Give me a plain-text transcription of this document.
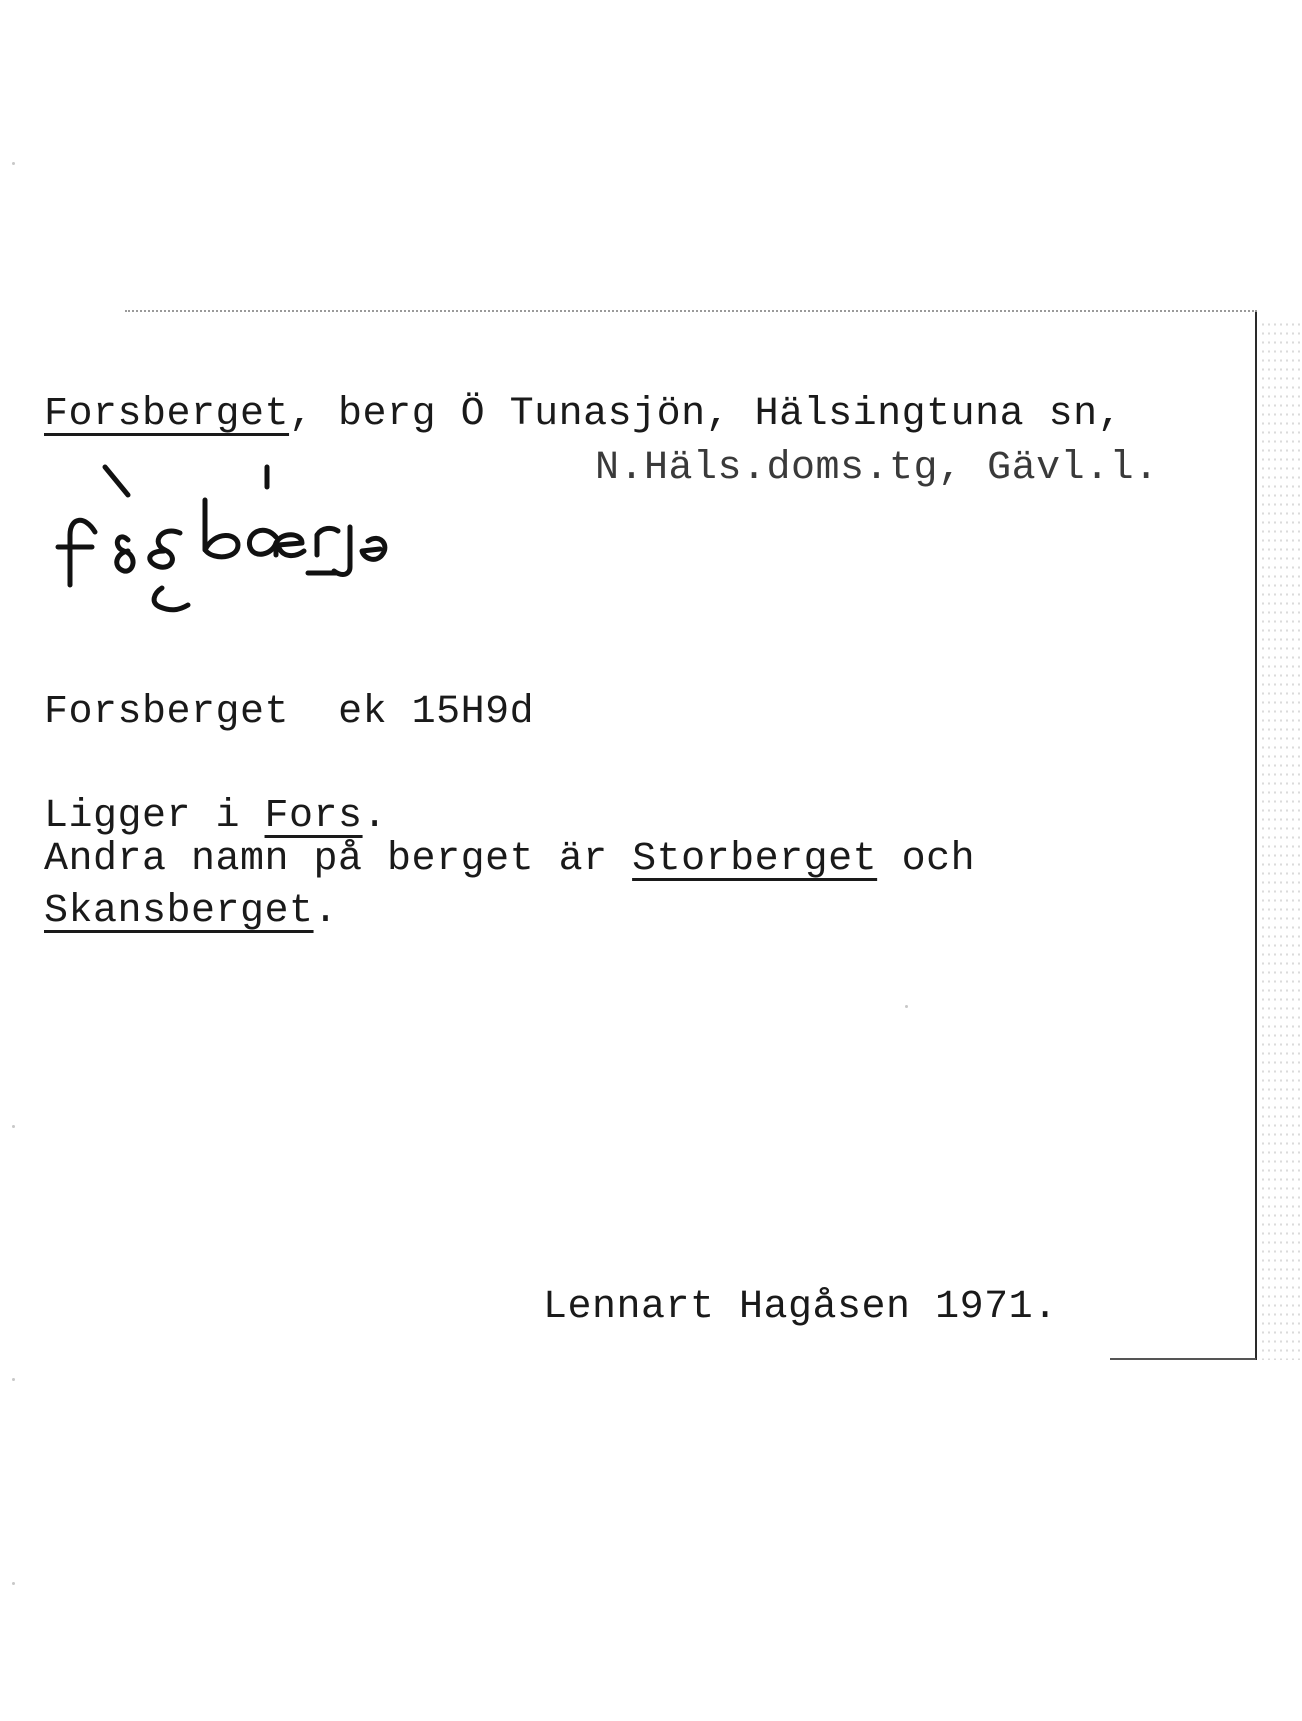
Forsberget, berg Ö Tunasjön, Hälsingtuna sn,
N.Häls.doms.tg, Gävl.l.
Forsberget ek 15H9d
Ligger i Fors.
Andra namn på berget är Storberget och
Skansberget.
Lennart Hagåsen 1971.
